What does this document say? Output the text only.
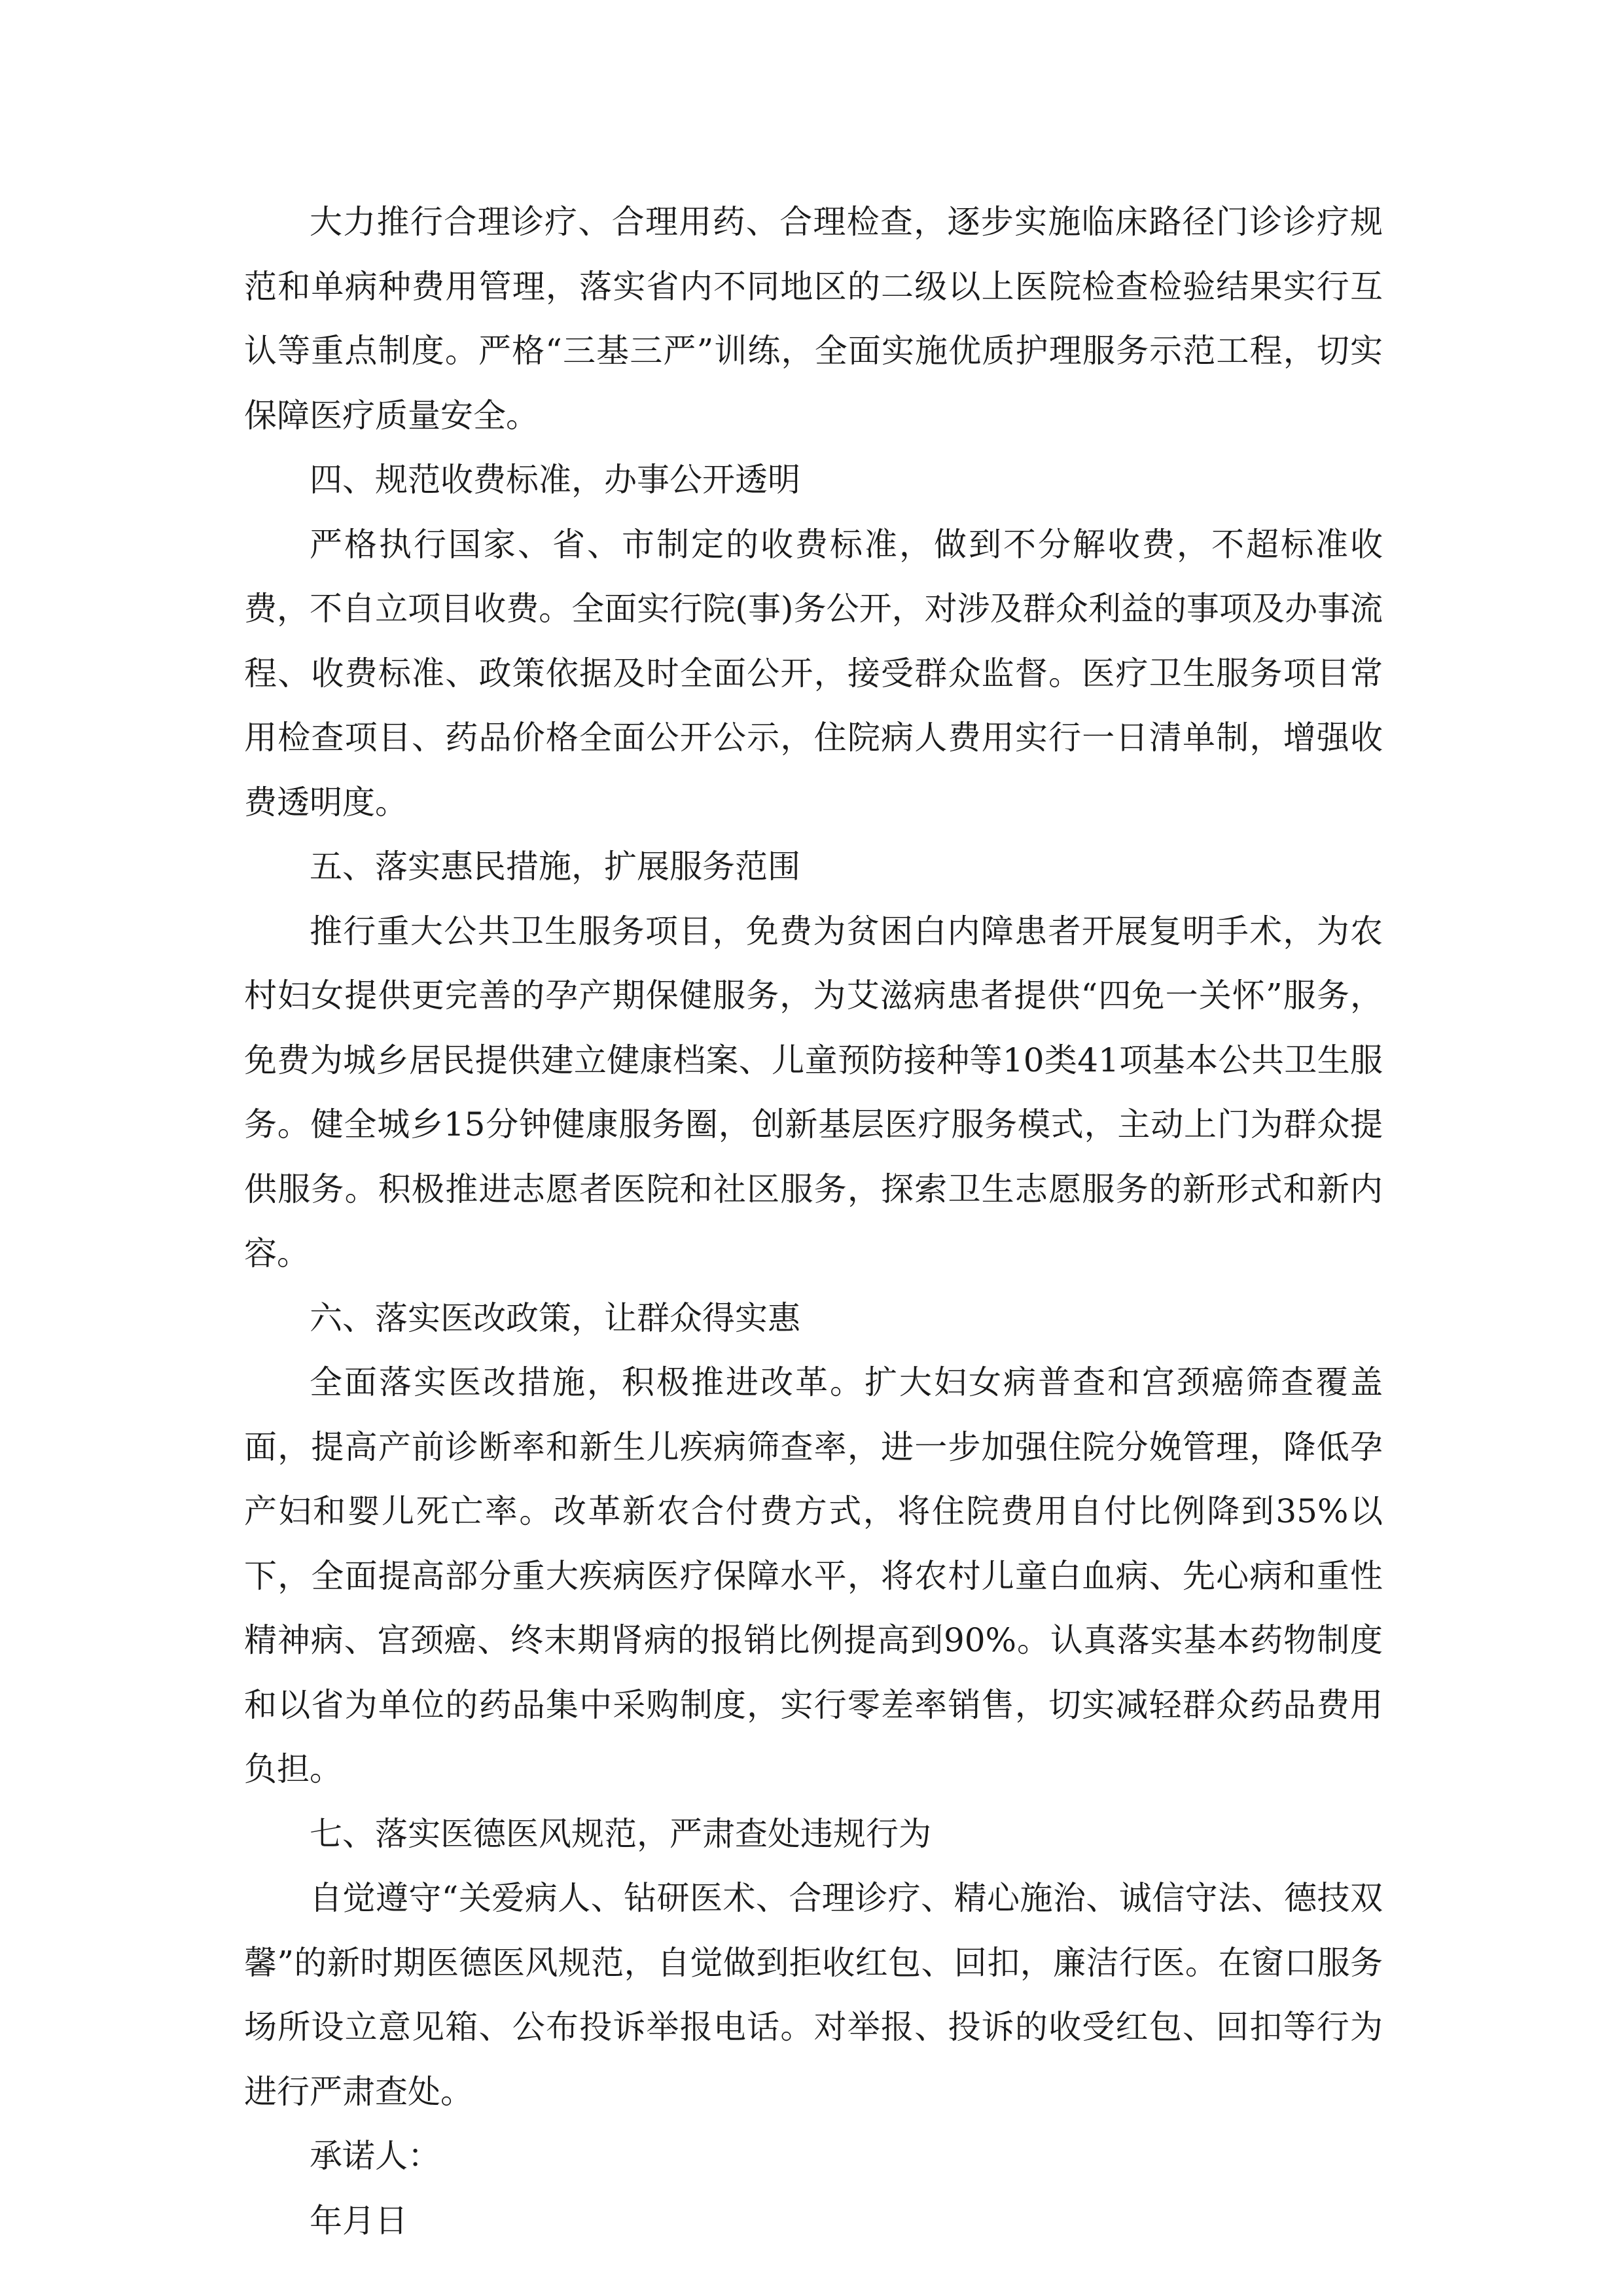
大力推行合理诊疗、合理用药、合理检查，逐步实施临床路径门诊诊疗规范和单病种费用管理，落实省内不同地区的二级以上医院检查检验结果实行互认等重点制度。严格“三基三严”训练，全面实施优质护理服务示范工程，切实保障医疗质量安全。

四、规范收费标准，办事公开透明

严格执行国家、省、市制定的收费标准，做到不分解收费，不超标准收费，不自立项目收费。全面实行院(事)务公开，对涉及群众利益的事项及办事流程、收费标准、政策依据及时全面公开，接受群众监督。医疗卫生服务项目常用检查项目、药品价格全面公开公示，住院病人费用实行一日清单制，增强收费透明度。

五、落实惠民措施，扩展服务范围

推行重大公共卫生服务项目，免费为贫困白内障患者开展复明手术，为农村妇女提供更完善的孕产期保健服务，为艾滋病患者提供“四免一关怀”服务，免费为城乡居民提供建立健康档案、儿童预防接种等10类41项基本公共卫生服务。健全城乡15分钟健康服务圈，创新基层医疗服务模式，主动上门为群众提供服务。积极推进志愿者医院和社区服务，探索卫生志愿服务的新形式和新内容。

六、落实医改政策，让群众得实惠

全面落实医改措施，积极推进改革。扩大妇女病普查和宫颈癌筛查覆盖面，提高产前诊断率和新生儿疾病筛查率，进一步加强住院分娩管理，降低孕产妇和婴儿死亡率。改革新农合付费方式，将住院费用自付比例降到35%以下，全面提高部分重大疾病医疗保障水平，将农村儿童白血病、先心病和重性精神病、宫颈癌、终末期肾病的报销比例提高到90%。认真落实基本药物制度和以省为单位的药品集中采购制度，实行零差率销售，切实减轻群众药品费用负担。

七、落实医德医风规范，严肃查处违规行为

自觉遵守“关爱病人、钻研医术、合理诊疗、精心施治、诚信守法、德技双馨”的新时期医德医风规范，自觉做到拒收红包、回扣，廉洁行医。在窗口服务场所设立意见箱、公布投诉举报电话。对举报、投诉的收受红包、回扣等行为进行严肃查处。

承诺人：

年月日
